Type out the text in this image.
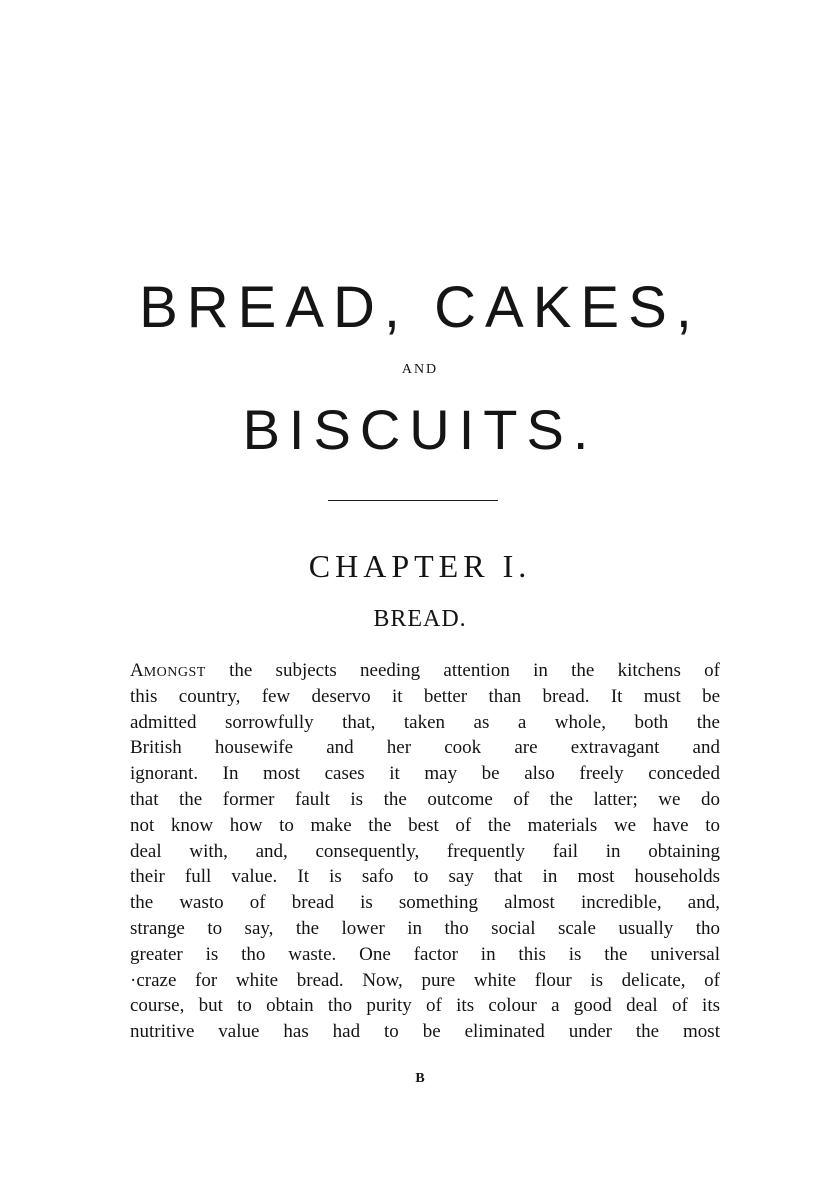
BREAD, CAKES,
AND
BISCUITS.
CHAPTER I.
BREAD.
AMONGST the subjects needing attention in the kitchens of
this country, few deservo it better than bread. It must be
admitted sorrowfully that, taken as a whole, both the
British housewife and her cook are extravagant and
ignorant. In most cases it may be also freely conceded
that the former fault is the outcome of the latter; we do
not know how to make the best of the materials we have to
deal with, and, consequently, frequently fail in obtaining
their full value. It is safo to say that in most households
the wasto of bread is something almost incredible, and,
strange to say, the lower in tho social scale usually tho
greater is tho waste. One factor in this is the universal
·craze for white bread. Now, pure white flour is delicate, of
course, but to obtain tho purity of its colour a good deal of its
nutritive value has had to be eliminated under the most
B
